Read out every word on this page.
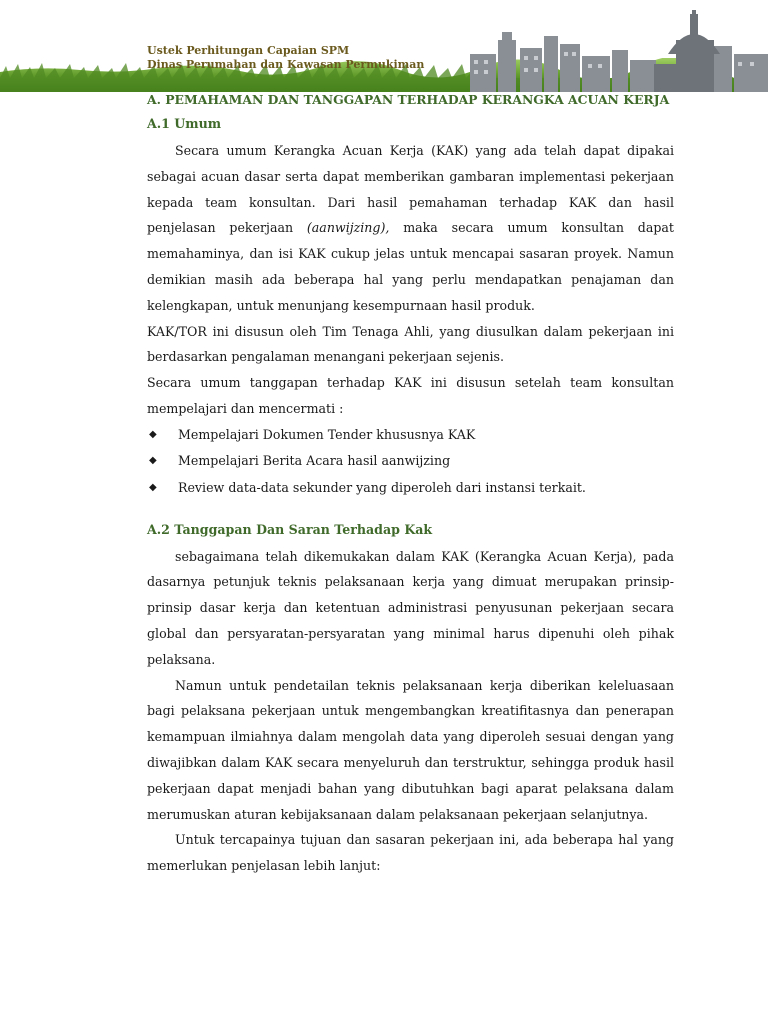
Ustek Perhitungan Capaian SPM
Dinas Perumahan dan Kawasan Permukiman
A. PEMAHAMAN DAN TANGGAPAN TERHADAP KERANGKA ACUAN KERJA
A.1 Umum

Secara umum Kerangka Acuan Kerja (KAK) yang ada telah dapat dipakai sebagai acuan dasar serta dapat memberikan gambaran implementasi pekerjaan kepada team konsultan. Dari hasil pemahaman terhadap KAK dan hasil penjelasan pekerjaan (aanwijzing), maka secara umum konsultan dapat memahaminya, dan isi KAK cukup jelas untuk mencapai sasaran proyek. Namun demikian masih ada beberapa hal yang perlu mendapatkan penajaman dan kelengkapan, untuk menunjang kesempurnaan hasil produk.

KAK/TOR ini disusun oleh Tim Tenaga Ahli, yang diusulkan dalam pekerjaan ini berdasarkan pengalaman menangani pekerjaan sejenis.

Secara umum tanggapan terhadap KAK ini disusun setelah team konsultan mempelajari dan mencermati :

◆ Mempelajari Dokumen Tender khususnya KAK
◆ Mempelajari Berita Acara hasil aanwijzing
◆ Review data-data sekunder yang diperoleh dari instansi terkait.
A.2 Tanggapan Dan Saran Terhadap Kak

sebagaimana telah dikemukakan dalam KAK (Kerangka Acuan Kerja), pada dasarnya petunjuk teknis pelaksanaan kerja yang dimuat merupakan prinsip-prinsip dasar kerja dan ketentuan administrasi penyusunan pekerjaan secara global dan persyaratan-persyaratan yang minimal harus dipenuhi oleh pihak pelaksana.

Namun untuk pendetailan teknis pelaksanaan kerja diberikan keleluasaan bagi pelaksana pekerjaan untuk mengembangkan kreatifitasnya dan penerapan kemampuan ilmiahnya dalam mengolah data yang diperoleh sesuai dengan yang diwajibkan dalam KAK secara menyeluruh dan terstruktur, sehingga produk hasil pekerjaan dapat menjadi bahan yang dibutuhkan bagi aparat pelaksana dalam merumuskan aturan kebijaksanaan dalam pelaksanaan pekerjaan selanjutnya.

Untuk tercapainya tujuan dan sasaran pekerjaan ini, ada beberapa hal yang memerlukan penjelasan lebih lanjut:
